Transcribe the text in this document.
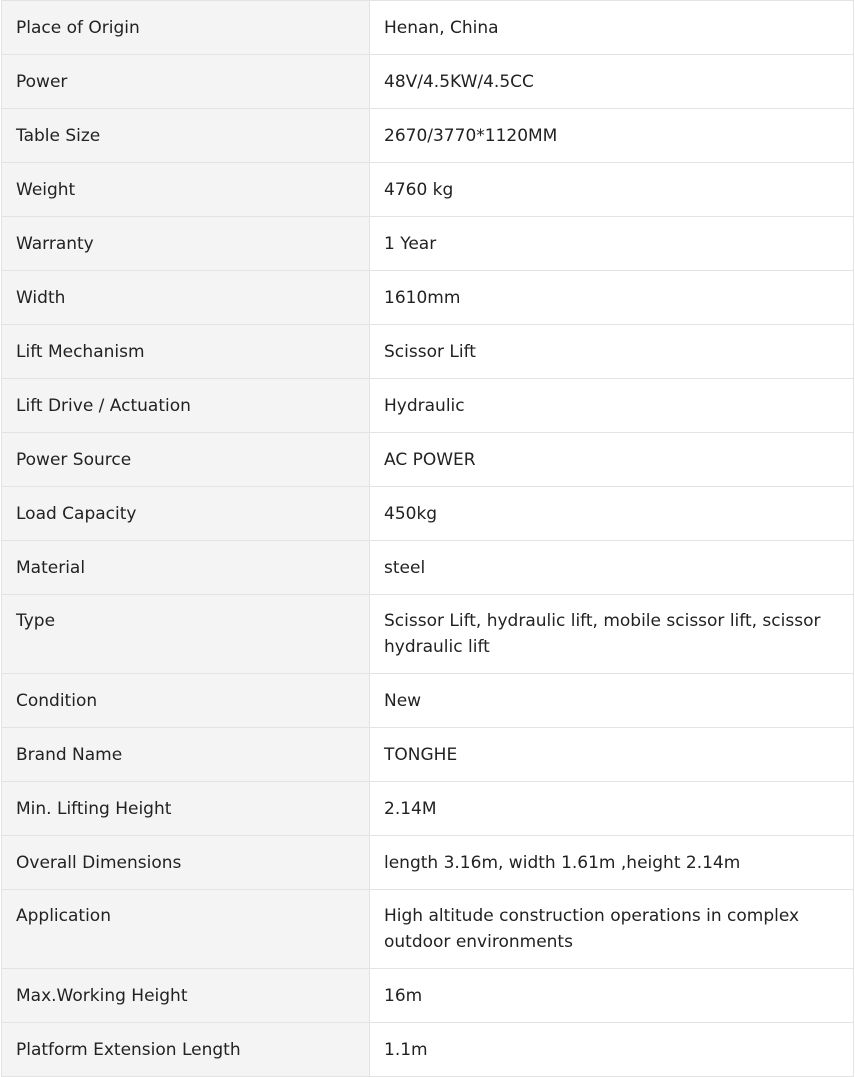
Place of Origin	Henan, China
Power	48V/4.5KW/4.5CC
Table Size	2670/3770*1120MM
Weight	4760 kg
Warranty	1 Year
Width	1610mm
Lift Mechanism	Scissor Lift
Lift Drive / Actuation	Hydraulic
Power Source	AC POWER
Load Capacity	450kg
Material	steel
Type	Scissor Lift, hydraulic lift, mobile scissor lift, scissor hydraulic lift
Condition	New
Brand Name	TONGHE
Min. Lifting Height	2.14M
Overall Dimensions	length 3.16m, width 1.61m ,height 2.14m
Application	High altitude construction operations in complex outdoor environments
Max.Working Height	16m
Platform Extension Length	1.1m
